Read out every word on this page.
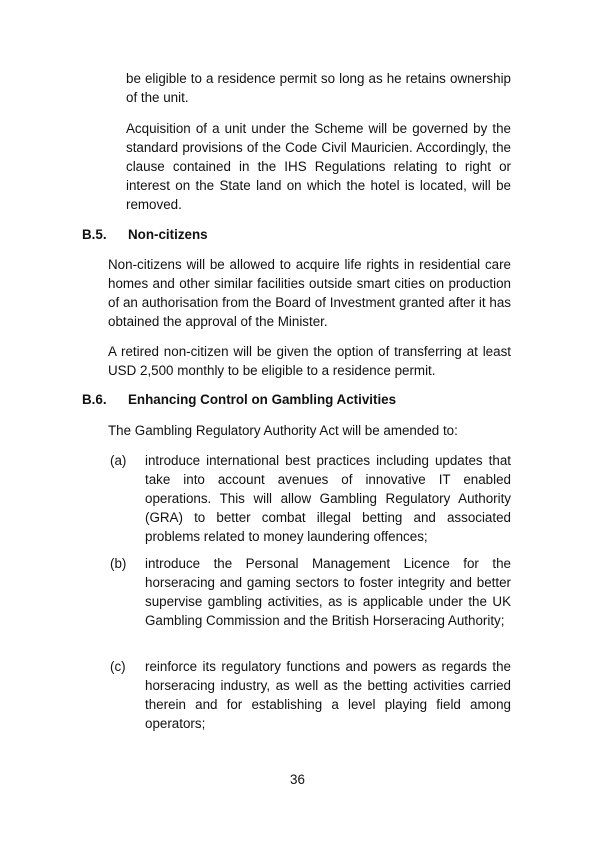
be eligible to a residence permit so long as he retains ownership of the unit.

Acquisition of a unit under the Scheme will be governed by the standard provisions of the Code Civil Mauricien. Accordingly, the clause contained in the IHS Regulations relating to right or interest on the State land on which the hotel is located, will be removed.

B.5. Non-citizens

Non-citizens will be allowed to acquire life rights in residential care homes and other similar facilities outside smart cities on production of an authorisation from the Board of Investment granted after it has obtained the approval of the Minister.

A retired non-citizen will be given the option of transferring at least USD 2,500 monthly to be eligible to a residence permit.

B.6. Enhancing Control on Gambling Activities

The Gambling Regulatory Authority Act will be amended to:

(a) introduce international best practices including updates that take into account avenues of innovative IT enabled operations. This will allow Gambling Regulatory Authority (GRA) to better combat illegal betting and associated problems related to money laundering offences;
(b) introduce the Personal Management Licence for the horseracing and gaming sectors to foster integrity and better supervise gambling activities, as is applicable under the UK Gambling Commission and the British Horseracing Authority;
(c) reinforce its regulatory functions and powers as regards the horseracing industry, as well as the betting activities carried therein and for establishing a level playing field among operators;
36
